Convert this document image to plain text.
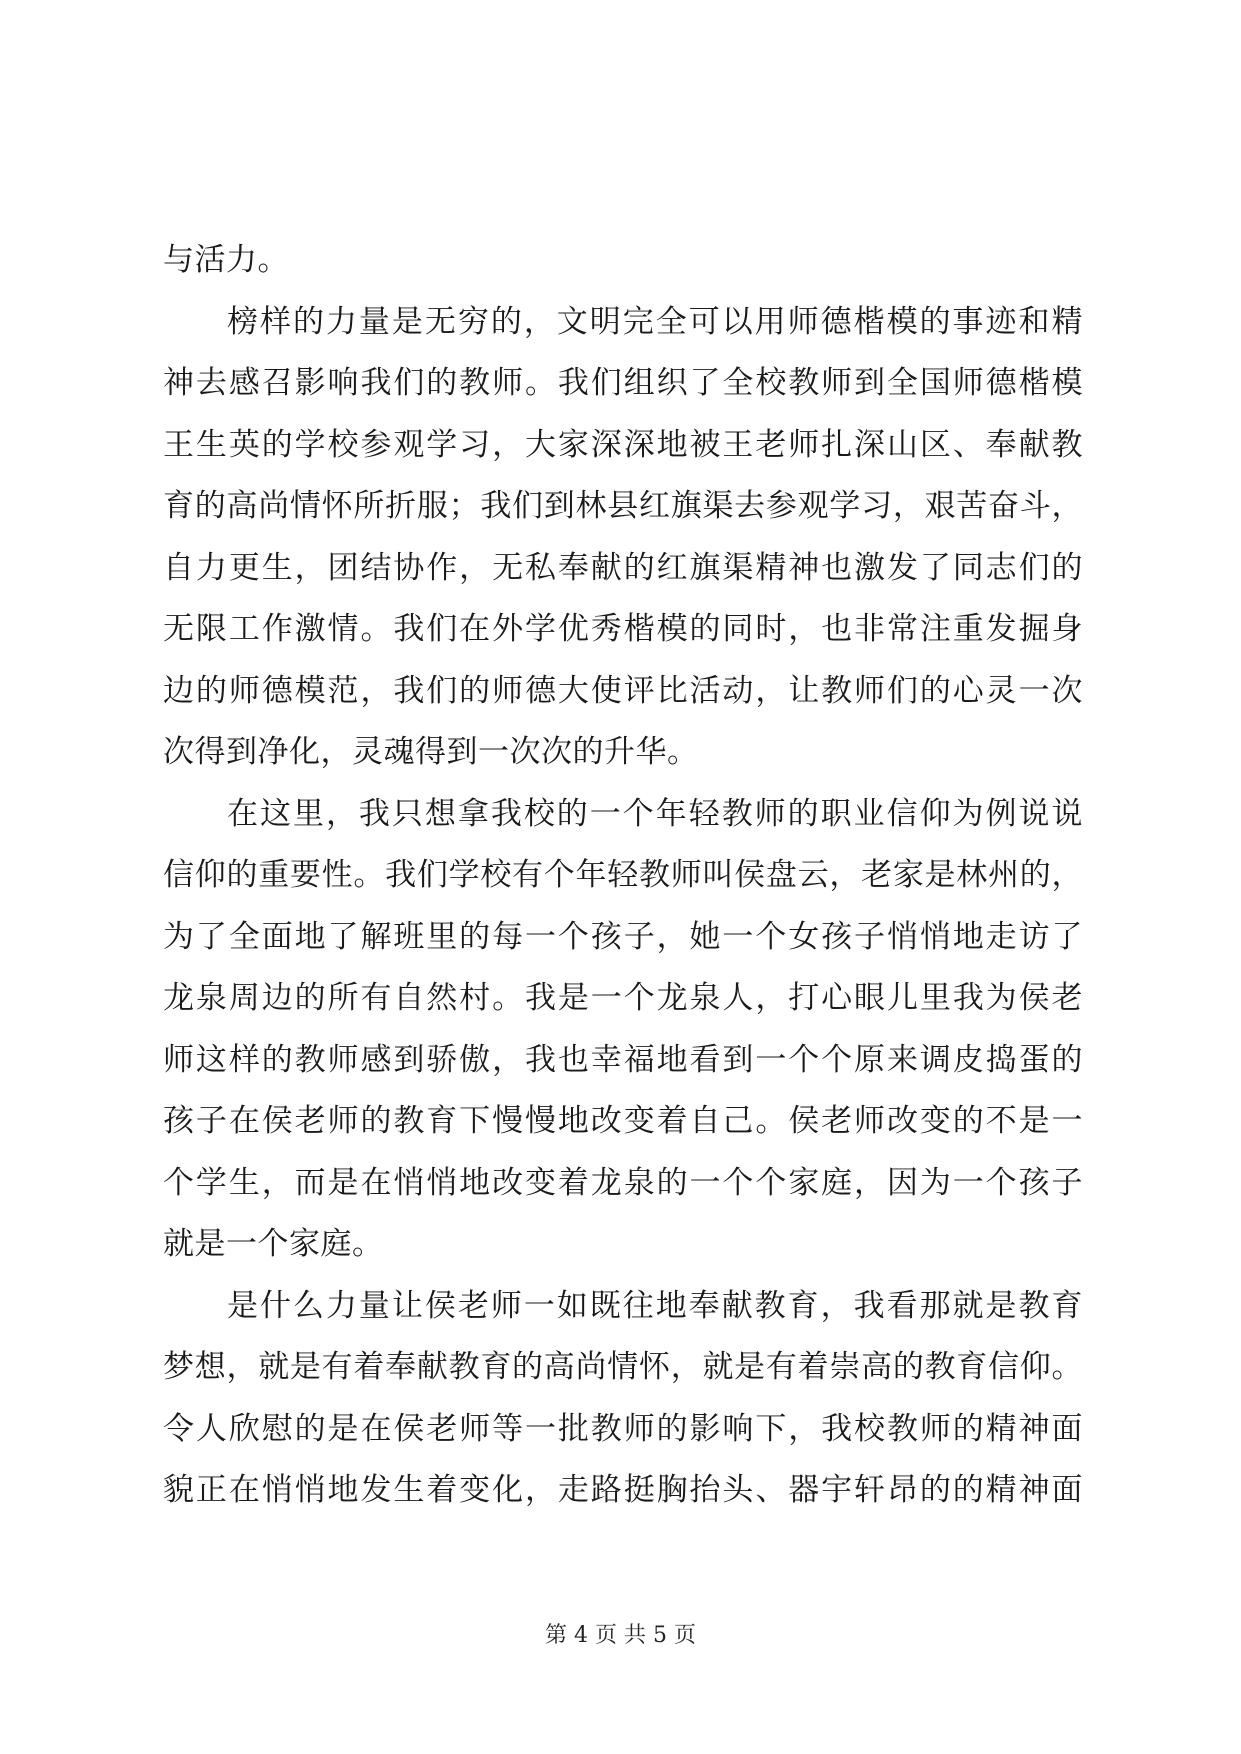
与活力。
榜样的力量是无穷的，文明完全可以用师德楷模的事迹和精
神去感召影响我们的教师。我们组织了全校教师到全国师德楷模
王生英的学校参观学习，大家深深地被王老师扎深山区、奉献教
育的高尚情怀所折服；我们到林县红旗渠去参观学习，艰苦奋斗，
自力更生，团结协作，无私奉献的红旗渠精神也激发了同志们的
无限工作激情。我们在外学优秀楷模的同时，也非常注重发掘身
边的师德模范，我们的师德大使评比活动，让教师们的心灵一次
次得到净化，灵魂得到一次次的升华。
在这里，我只想拿我校的一个年轻教师的职业信仰为例说说
信仰的重要性。我们学校有个年轻教师叫侯盘云，老家是林州的，
为了全面地了解班里的每一个孩子，她一个女孩子悄悄地走访了
龙泉周边的所有自然村。我是一个龙泉人，打心眼儿里我为侯老
师这样的教师感到骄傲，我也幸福地看到一个个原来调皮捣蛋的
孩子在侯老师的教育下慢慢地改变着自己。侯老师改变的不是一
个学生，而是在悄悄地改变着龙泉的一个个家庭，因为一个孩子
就是一个家庭。
是什么力量让侯老师一如既往地奉献教育，我看那就是教育
梦想，就是有着奉献教育的高尚情怀，就是有着崇高的教育信仰。
令人欣慰的是在侯老师等一批教师的影响下，我校教师的精神面
貌正在悄悄地发生着变化，走路挺胸抬头、器宇轩昂的的精神面
第 4 页 共 5 页
